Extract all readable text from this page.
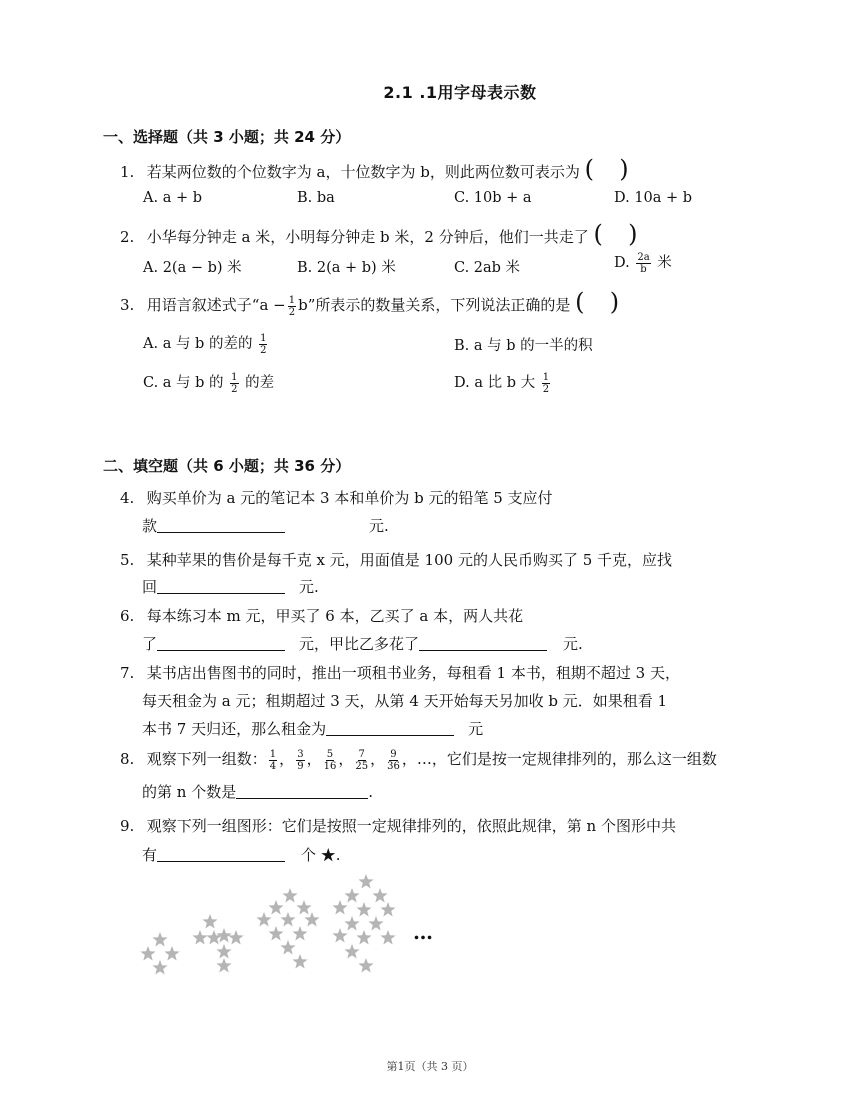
2.1 .1用字母表示数
一、选择题（共 3 小题；共 24 分）
1. 若某两位数的个位数字为 a，十位数字为 b，则此两位数可表示为 ( )
A. a + b	B. ba	C. 10b + a	D. 10a + b
2. 小华每分钟走 a 米，小明每分钟走 b 米，2 分钟后，他们一共走了 ( )
A. 2(a − b) 米	B. 2(a + b) 米	C. 2ab 米	D. $\frac{2a}{b}$ 米
3. 用语言叙述式子“$a - \frac{1}{2} b$”所表示的数量关系，下列说法正确的是 ( )
A. a 与 b 的差的 $\frac{1}{2}$	B. a 与 b 的一半的积
C. a 与 b 的 $\frac{1}{2}$ 的差	D. a 比 b 大 $\frac{1}{2}$
二、填空题（共 6 小题；共 36 分）
4. 购买单价为 a 元的笔记本 3 本和单价为 b 元的铅笔 5 支应付
款	元.
5. 某种苹果的售价是每千克 x 元，用面值是 100 元的人民币购买了 5 千克，应找
回	元.
6. 每本练习本 m 元，甲买了 6 本，乙买了 a 本，两人共花
了	元，甲比乙多花了	元.
7. 某书店出售图书的同时，推出一项租书业务，每租看 1 本书，租期不超过 3 天，
每天租金为 a 元；租期超过 3 天，从第 4 天开始每天另加收 b 元．如果租看 1
本书 7 天归还，那么租金为	元
8. 观察下列一组数： $\frac{1}{4}$ ， $\frac{3}{9}$ ， $\frac{5}{16}$ ， $\frac{7}{25}$ ， $\frac{9}{36}$ ，…，它们是按一定规律排列的，那么这一组数
的第 n 个数是	.
9. 观察下列一组图形：它们是按照一定规律排列的，依照此规律，第 n 个图形中共
有	个 ★.
…
第1页（共 3 页）
